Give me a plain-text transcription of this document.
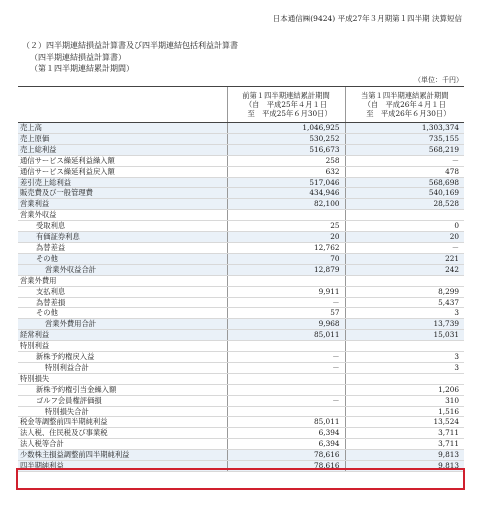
日本通信㈱(9424) 平成27年３月期第１四半期 決算短信
（２）四半期連結損益計算書及び四半期連結包括利益計算書
（四半期連結損益計算書）
（第１四半期連結累計期間）
（単位：千円）

	前第１四半期連結累計期間
（自　平成25年４月１日
　至　平成25年６月30日）	当第１四半期連結累計期間
（自　平成26年４月１日
　至　平成26年６月30日）

売上高	1,046,925	1,303,374
売上原価	530,252	735,155
売上総利益	516,673	568,219
通信サービス繰延利益繰入額	258	－
通信サービス繰延利益戻入額	632	478
差引売上総利益	517,046	568,698
販売費及び一般管理費	434,946	540,169
営業利益	82,100	28,528
営業外収益		
受取利息	25	0
有価証券利息	20	20
為替差益	12,762	－
その他	70	221
営業外収益合計	12,879	242
営業外費用		
支払利息	9,911	8,299
為替差損	－	5,437
その他	57	3
営業外費用合計	9,968	13,739
経常利益	85,011	15,031
特別利益		
新株予約権戻入益	－	3
特別利益合計	－	3
特別損失		
新株予約権引当金繰入額		1,206
ゴルフ会員権評価損	－	310
特別損失合計		1,516
税金等調整前四半期純利益	85,011	13,524
法人税、住民税及び事業税	6,394	3,711
法人税等合計	6,394	3,711
少数株主損益調整前四半期純利益	78,616	9,813
四半期純利益	78,616	9,813
